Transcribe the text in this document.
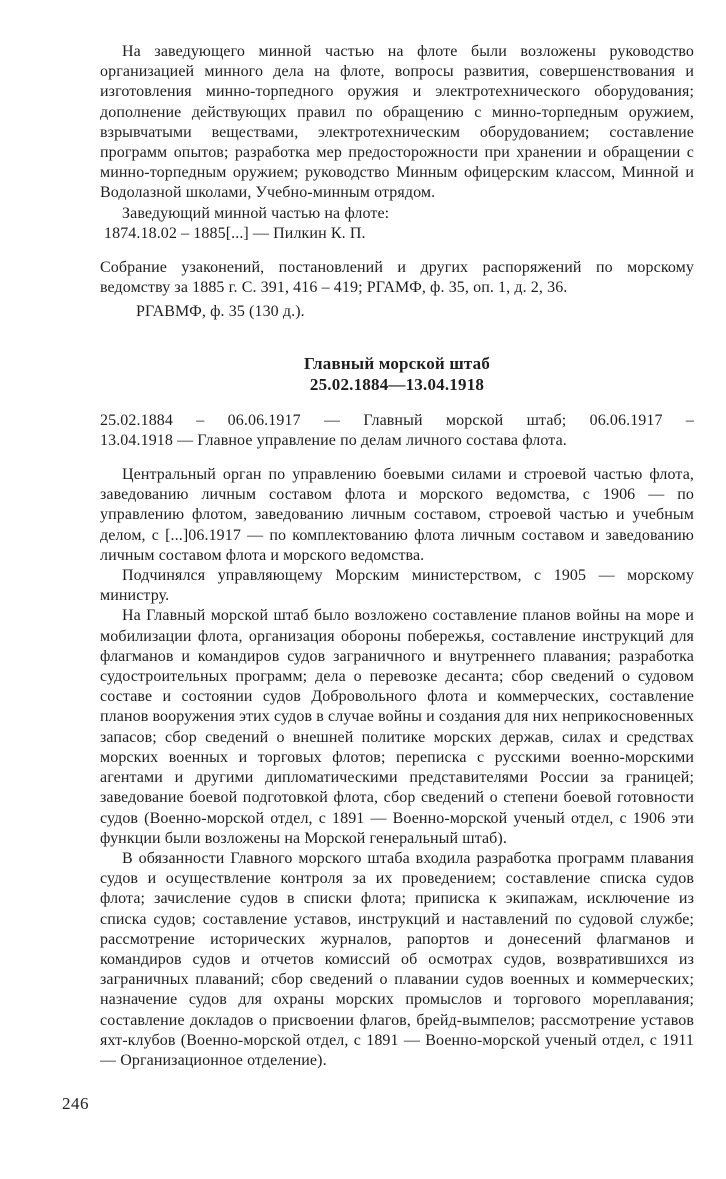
На заведующего минной частью на флоте были возложены руководство организацией минного дела на флоте, вопросы развития, совершенствования и изготовления минно-торпедного оружия и электротехнического оборудования; дополнение действующих правил по обращению с минно-торпедным оружием, взрывчатыми веществами, электротехническим оборудованием; составление программ опытов; разработка мер предосторожности при хранении и обращении с минно-торпедным оружием; руководство Минным офицерским классом, Минной и Водолазной школами, Учебно-минным отрядом.

Заведующий минной частью на флоте:

1874.18.02 – 1885[...] — Пилкин К. П.

Собрание узаконений, постановлений и других распоряжений по морскому ведомству за 1885 г. С. 391, 416 – 419; РГАМФ, ф. 35, оп. 1, д. 2, 36.

РГАВМФ, ф. 35 (130 д.).

Главный морской штаб
25.02.1884—13.04.1918
25.02.1884 – 06.06.1917 — Главный морской штаб; 06.06.1917 –
13.04.1918 — Главное управление по делам личного состава флота.

Центральный орган по управлению боевыми силами и строевой частью флота, заведованию личным составом флота и морского ведомства, с 1906 — по управлению флотом, заведованию личным составом, строевой частью и учебным делом, с [...]06.1917 — по комплектованию флота личным составом и заведованию личным составом флота и морского ведомства.

Подчинялся управляющему Морским министерством, с 1905 — морскому министру.

На Главный морской штаб было возложено составление планов войны на море и мобилизации флота, организация обороны побережья, составление инструкций для флагманов и командиров судов заграничного и внутреннего плавания; разработка судостроительных программ; дела о перевозке десанта; сбор сведений о судовом составе и состоянии судов Добровольного флота и коммерческих, составление планов вооружения этих судов в случае войны и создания для них неприкосновенных запасов; сбор сведений о внешней политике морских держав, силах и средствах морских военных и торговых флотов; переписка с русскими военно-морскими агентами и другими дипломатическими представителями России за границей; заведование боевой подготовкой флота, сбор сведений о степени боевой готовности судов (Военно-морской отдел, с 1891 — Военно-морской ученый отдел, с 1906 эти функции были возложены на Морской генеральный штаб).

В обязанности Главного морского штаба входила разработка программ плавания судов и осуществление контроля за их проведением; составление списка судов флота; зачисление судов в списки флота; приписка к экипажам, исключение из списка судов; составление уставов, инструкций и наставлений по судовой службе; рассмотрение исторических журналов, рапортов и донесений флагманов и командиров судов и отчетов комиссий об осмотрах судов, возвратившихся из заграничных плаваний; сбор сведений о плавании судов военных и коммерческих; назначение судов для охраны морских промыслов и торгового мореплавания; составление докладов о присвоении флагов, брейд-вымпелов; рассмотрение уставов яхт-клубов (Военно-морской отдел, с 1891 — Военно-морской ученый отдел, с 1911 — Организационное отделение).

246
